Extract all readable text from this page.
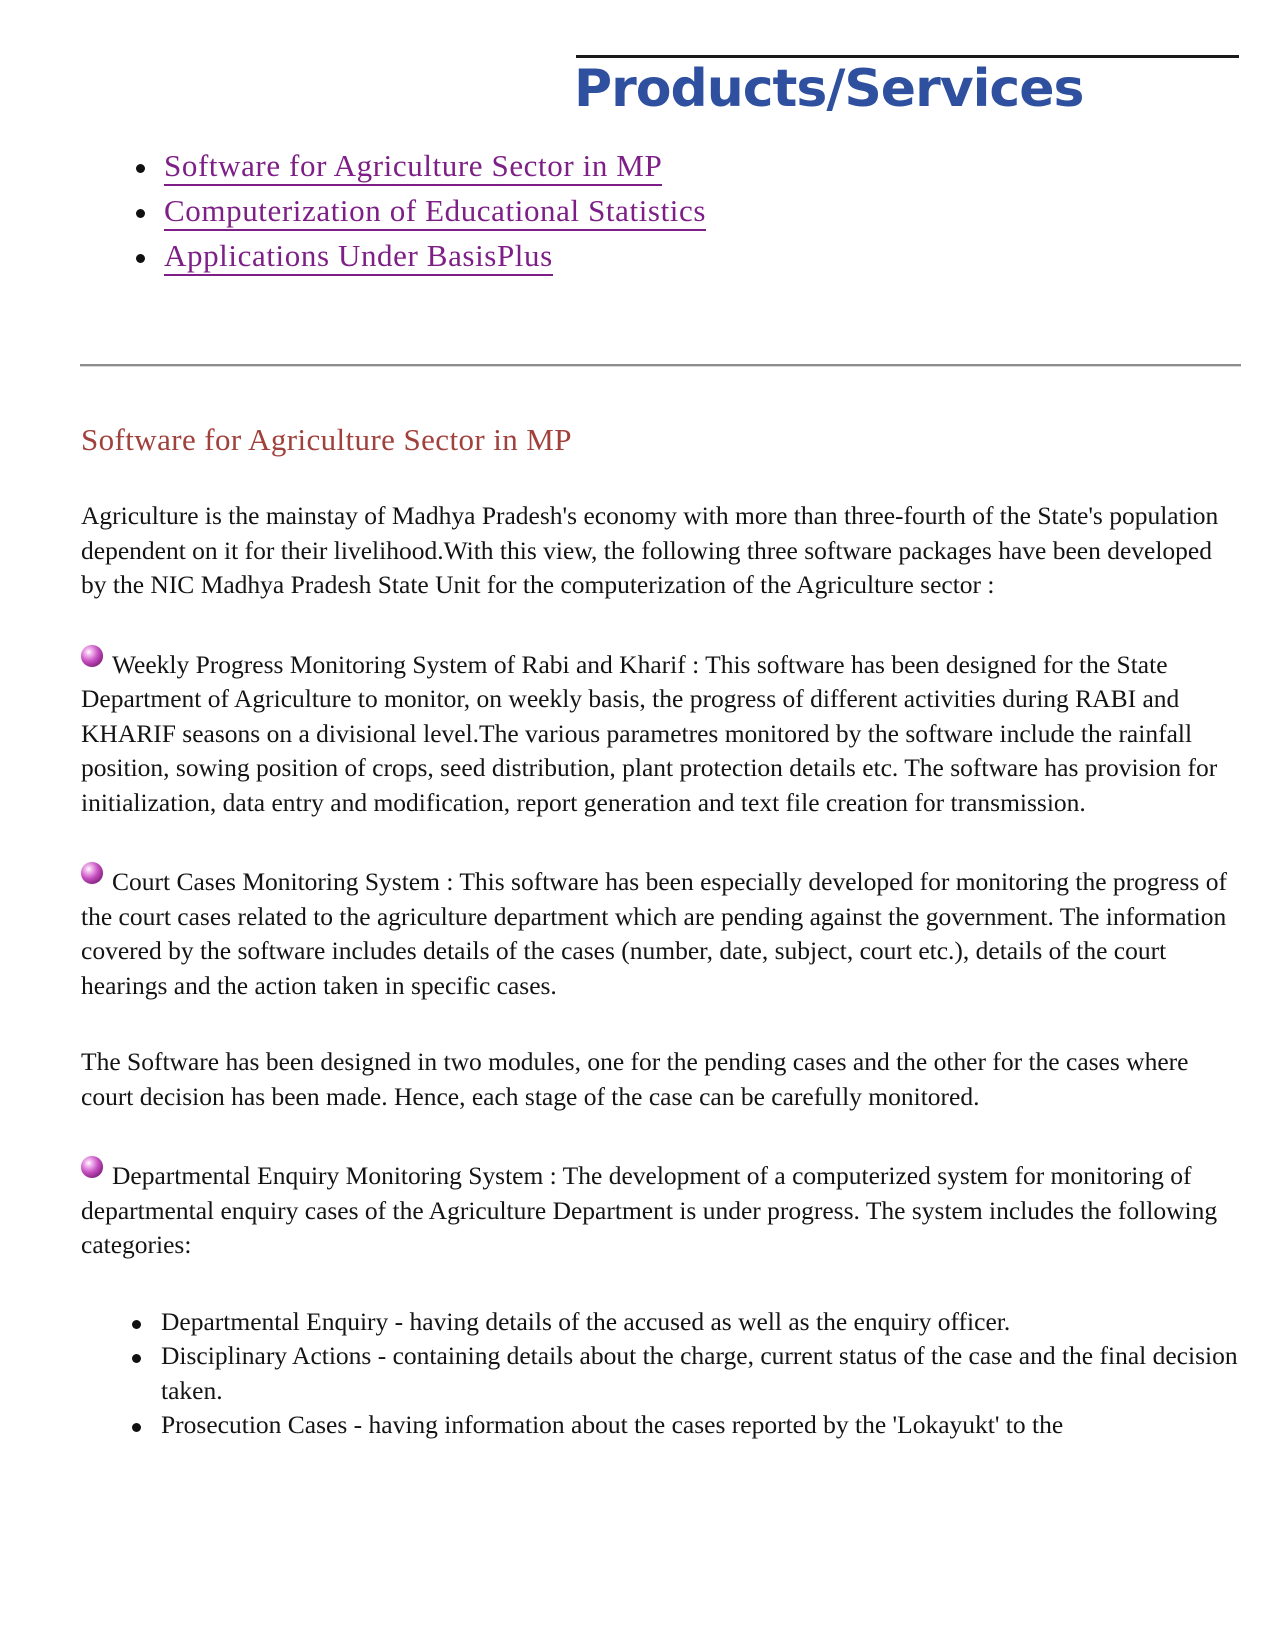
Products/Services
Software for Agriculture Sector in MP
Computerization of Educational Statistics
Applications Under BasisPlus
Software for Agriculture Sector in MP

Agriculture is the mainstay of Madhya Pradesh's economy with more than three-fourth of the State's population dependent on it for their livelihood.With this view, the following three software packages have been developed by the NIC Madhya Pradesh State Unit for the computerization of the Agriculture sector :

Weekly Progress Monitoring System of Rabi and Kharif : This software has been designed for the State Department of Agriculture to monitor, on weekly basis, the progress of different activities during RABI and KHARIF seasons on a divisional level.The various parametres monitored by the software include the rainfall position, sowing position of crops, seed distribution, plant protection details etc. The software has provision for initialization, data entry and modification, report generation and text file creation for transmission.

Court Cases Monitoring System : This software has been especially developed for monitoring the progress of the court cases related to the agriculture department which are pending against the government. The information covered by the software includes details of the cases (number, date, subject, court etc.), details of the court hearings and the action taken in specific cases.

The Software has been designed in two modules, one for the pending cases and the other for the cases where court decision has been made. Hence, each stage of the case can be carefully monitored.

Departmental Enquiry Monitoring System : The development of a computerized system for monitoring of departmental enquiry cases of the Agriculture Department is under progress. The system includes the following categories:

Departmental Enquiry - having details of the accused as well as the enquiry officer.
Disciplinary Actions - containing details about the charge, current status of the case and the final decision taken.
Prosecution Cases - having information about the cases reported by the 'Lokayukt' to the
